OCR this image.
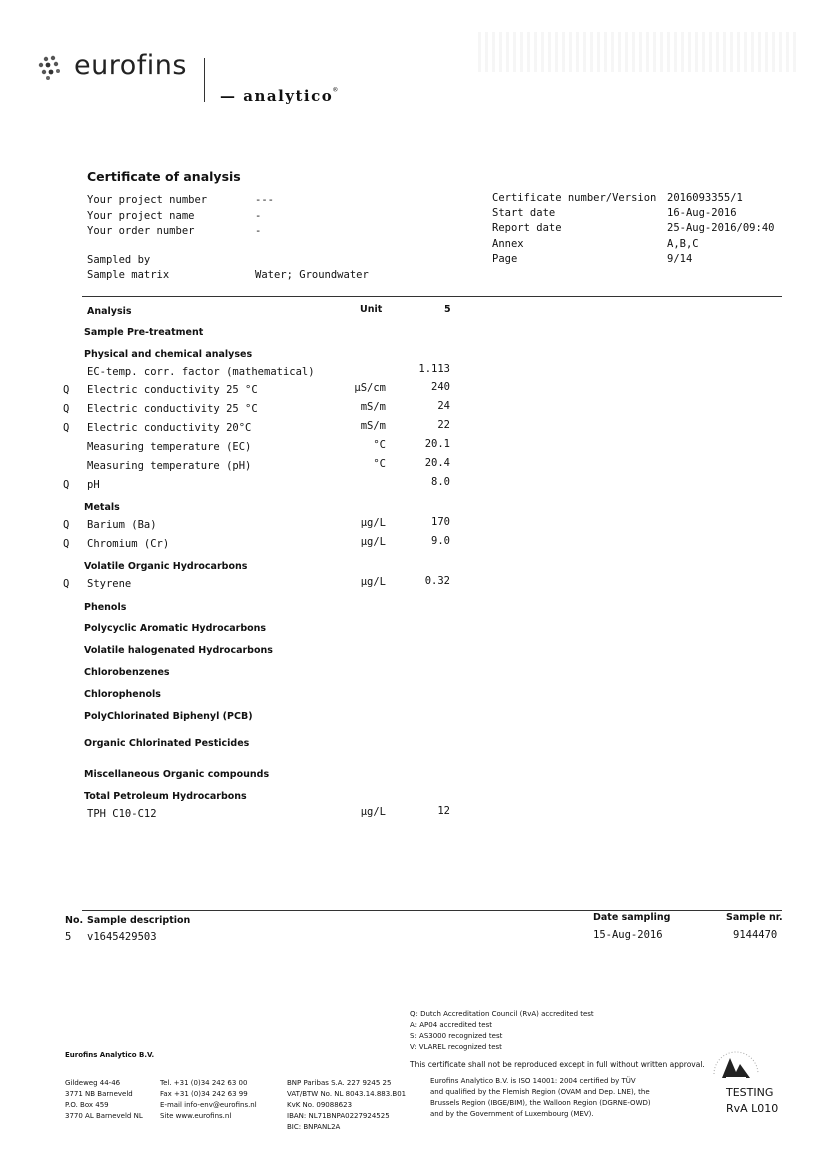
eurofins
— analytico®
Certificate of analysis
Your project number	---
Your project name	-
Your order number	-
Sampled by
Sample matrix	Water; Groundwater
Certificate number/Version 2016093355/1
Start date	16-Aug-2016
Report date	25-Aug-2016/09:40
Annex	A,B,C
Page	9/14
Analysis	Unit	5
Sample Pre-treatment
Physical and chemical analyses
EC-temp. corr. factor (mathematical)	1.113
Q Electric conductivity 25 °C	µS/cm	240
Q Electric conductivity 25 °C	mS/m	24
Q Electric conductivity 20°C	mS/m	22
Measuring temperature (EC)	°C	20.1
Measuring temperature (pH)	°C	20.4
Q pH	8.0
Metals
Q Barium (Ba)	µg/L	170
Q Chromium (Cr)	µg/L	9.0
Volatile Organic Hydrocarbons
Q Styrene	µg/L	0.32
Phenols
Polycyclic Aromatic Hydrocarbons
Volatile halogenated Hydrocarbons
Chlorobenzenes
Chlorophenols
PolyChlorinated Biphenyl (PCB)
Organic Chlorinated Pesticides
Miscellaneous Organic compounds
Total Petroleum Hydrocarbons
TPH C10-C12	µg/L	12
No. Sample description	Date sampling	Sample nr.
5 v1645429503	15-Aug-2016	9144470
Q: Dutch Accreditation Council (RvA) accredited test
A: AP04 accredited test
S: AS3000 recognized test
V: VLAREL recognized test
This certificate shall not be reproduced except in full without written approval.
Eurofins Analytico B.V.
Gildeweg 44-46
3771 NB Barneveld
P.O. Box 459
3770 AL Barneveld NL
Tel. +31 (0)34 242 63 00
Fax +31 (0)34 242 63 99
E-mail info-env@eurofins.nl
Site www.eurofins.nl
BNP Paribas S.A. 227 9245 25
VAT/BTW No. NL 8043.14.883.B01
KvK No. 09088623
IBAN: NL71BNPA0227924525
BIC: BNPANL2A
Eurofins Analytico B.V. is ISO 14001: 2004 certified by TÜV
and qualified by the Flemish Region (OVAM and Dep. LNE), the
Brussels Region (IBGE/BIM), the Walloon Region (DGRNE-OWD)
and by the Government of Luxembourg (MEV).
TESTING
RvA L010
